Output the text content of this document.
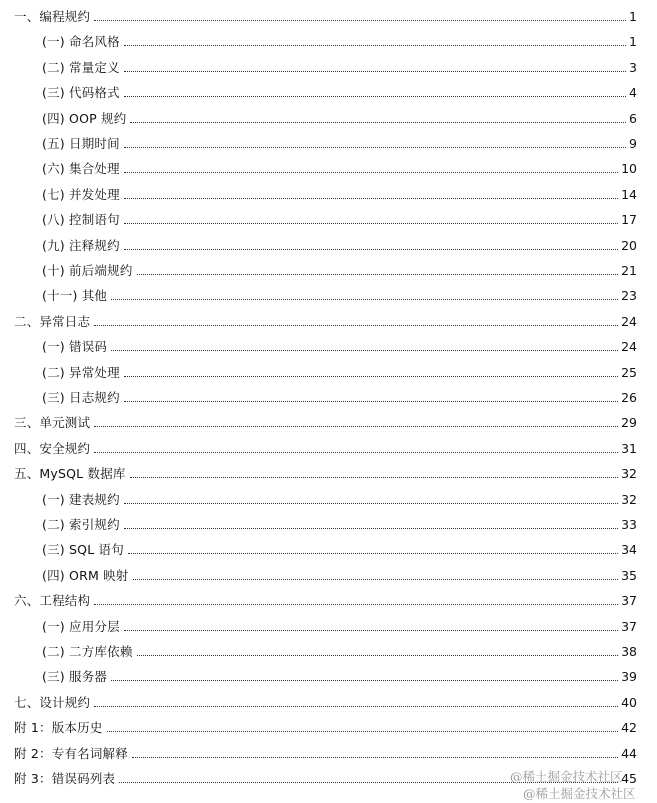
一、编程规约	1
(一) 命名风格	1
(二) 常量定义	3
(三) 代码格式	4
(四) OOP 规约	6
(五) 日期时间	9
(六) 集合处理	10
(七) 并发处理	14
(八) 控制语句	17
(九) 注释规约	20
(十) 前后端规约	21
(十一) 其他	23
二、异常日志	24
(一) 错误码	24
(二) 异常处理	25
(三) 日志规约	26
三、单元测试	29
四、安全规约	31
五、MySQL 数据库	32
(一) 建表规约	32
(二) 索引规约	33
(三) SQL 语句	34
(四) ORM 映射	35
六、工程结构	37
(一) 应用分层	37
(二) 二方库依赖	38
(三) 服务器	39
七、设计规约	40
附 1：版本历史	42
附 2：专有名词解释	44
附 3：错误码列表	45
@稀土掘金技术社区
@稀土掘金技术社区
